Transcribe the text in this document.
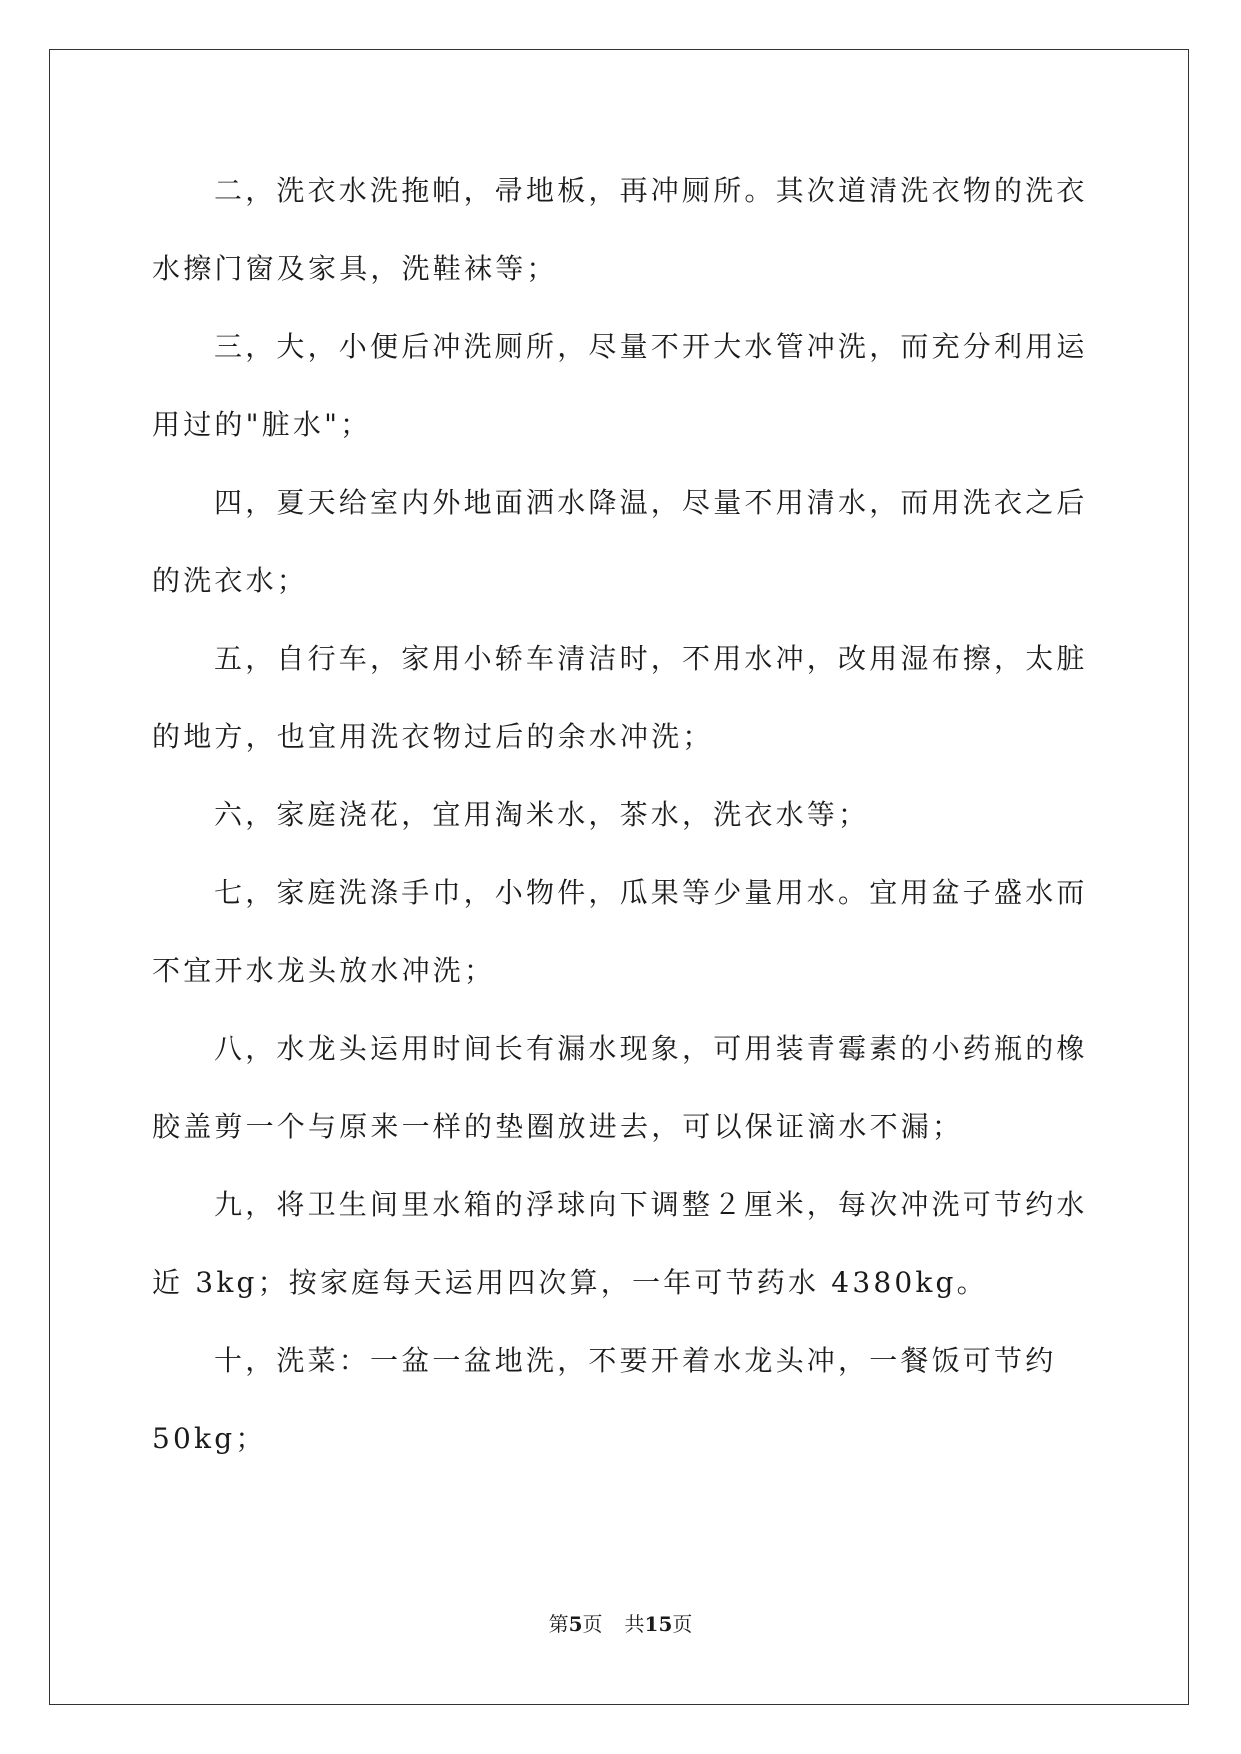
二，洗衣水洗拖帕，帚地板，再冲厕所。其次道清洗衣物的洗衣
水擦门窗及家具，洗鞋袜等；
三，大，小便后冲洗厕所，尽量不开大水管冲洗，而充分利用运
用过的"脏水"；
四，夏天给室内外地面洒水降温，尽量不用清水，而用洗衣之后
的洗衣水；
五，自行车，家用小轿车清洁时，不用水冲，改用湿布擦，太脏
的地方，也宜用洗衣物过后的余水冲洗；
六，家庭浇花，宜用淘米水，茶水，洗衣水等；
七，家庭洗涤手巾，小物件，瓜果等少量用水。宜用盆子盛水而
不宜开水龙头放水冲洗；
八，水龙头运用时间长有漏水现象，可用装青霉素的小药瓶的橡
胶盖剪一个与原来一样的垫圈放进去，可以保证滴水不漏；
九，将卫生间里水箱的浮球向下调整２厘米，每次冲洗可节约水
近 3kg；按家庭每天运用四次算，一年可节药水 4380kg。
十，洗菜：一盆一盆地洗，不要开着水龙头冲，一餐饭可节约
50kg；
第5页 共15页
